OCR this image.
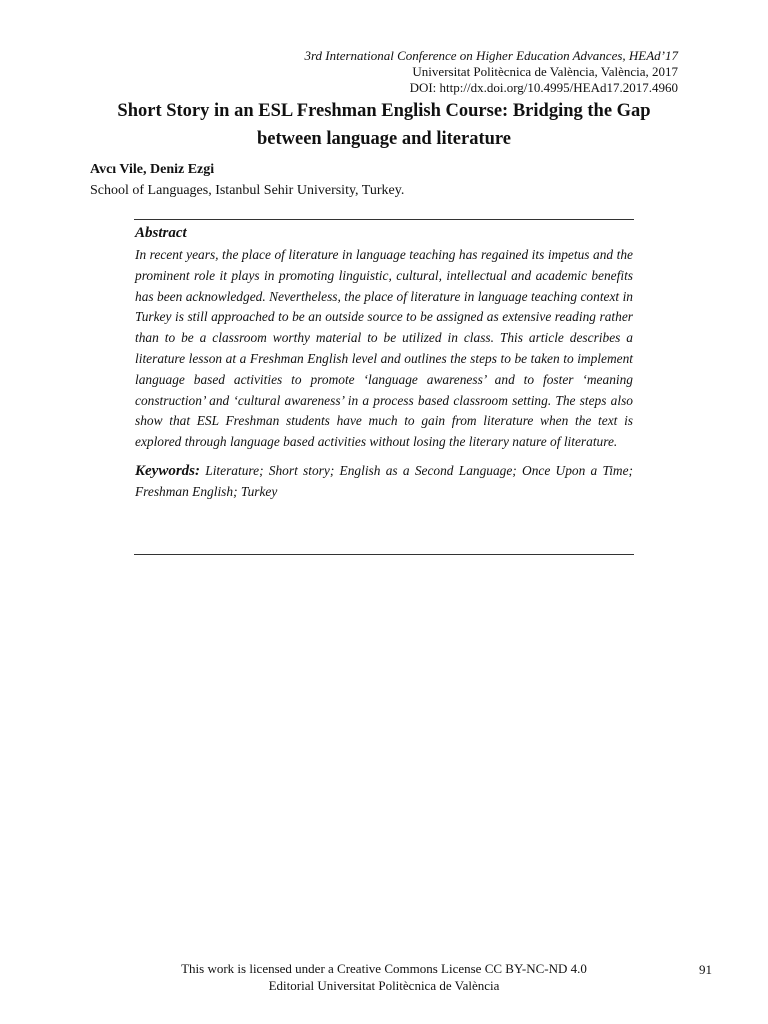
3rd International Conference on Higher Education Advances, HEAd’17
Universitat Politècnica de València, València, 2017
DOI: http://dx.doi.org/10.4995/HEAd17.2017.4960
Short Story in an ESL Freshman English Course: Bridging the Gap between language and literature
Avcı Vile, Deniz Ezgi
School of Languages, Istanbul Sehir University, Turkey.
Abstract
In recent years, the place of literature in language teaching has regained its impetus and the prominent role it plays in promoting linguistic, cultural, intellectual and academic benefits has been acknowledged. Nevertheless, the place of literature in language teaching context in Turkey is still approached to be an outside source to be assigned as extensive reading rather than to be a classroom worthy material to be utilized in class. This article describes a literature lesson at a Freshman English level and outlines the steps to be taken to implement language based activities to promote ‘language awareness’ and to foster ‘meaning construction’ and ‘cultural awareness’ in a process based classroom setting. The steps also show that ESL Freshman students have much to gain from literature when the text is explored through language based activities without losing the literary nature of literature.
Keywords: Literature; Short story; English as a Second Language; Once Upon a Time; Freshman English; Turkey
This work is licensed under a Creative Commons License CC BY-NC-ND 4.0
Editorial Universitat Politècnica de València
91
